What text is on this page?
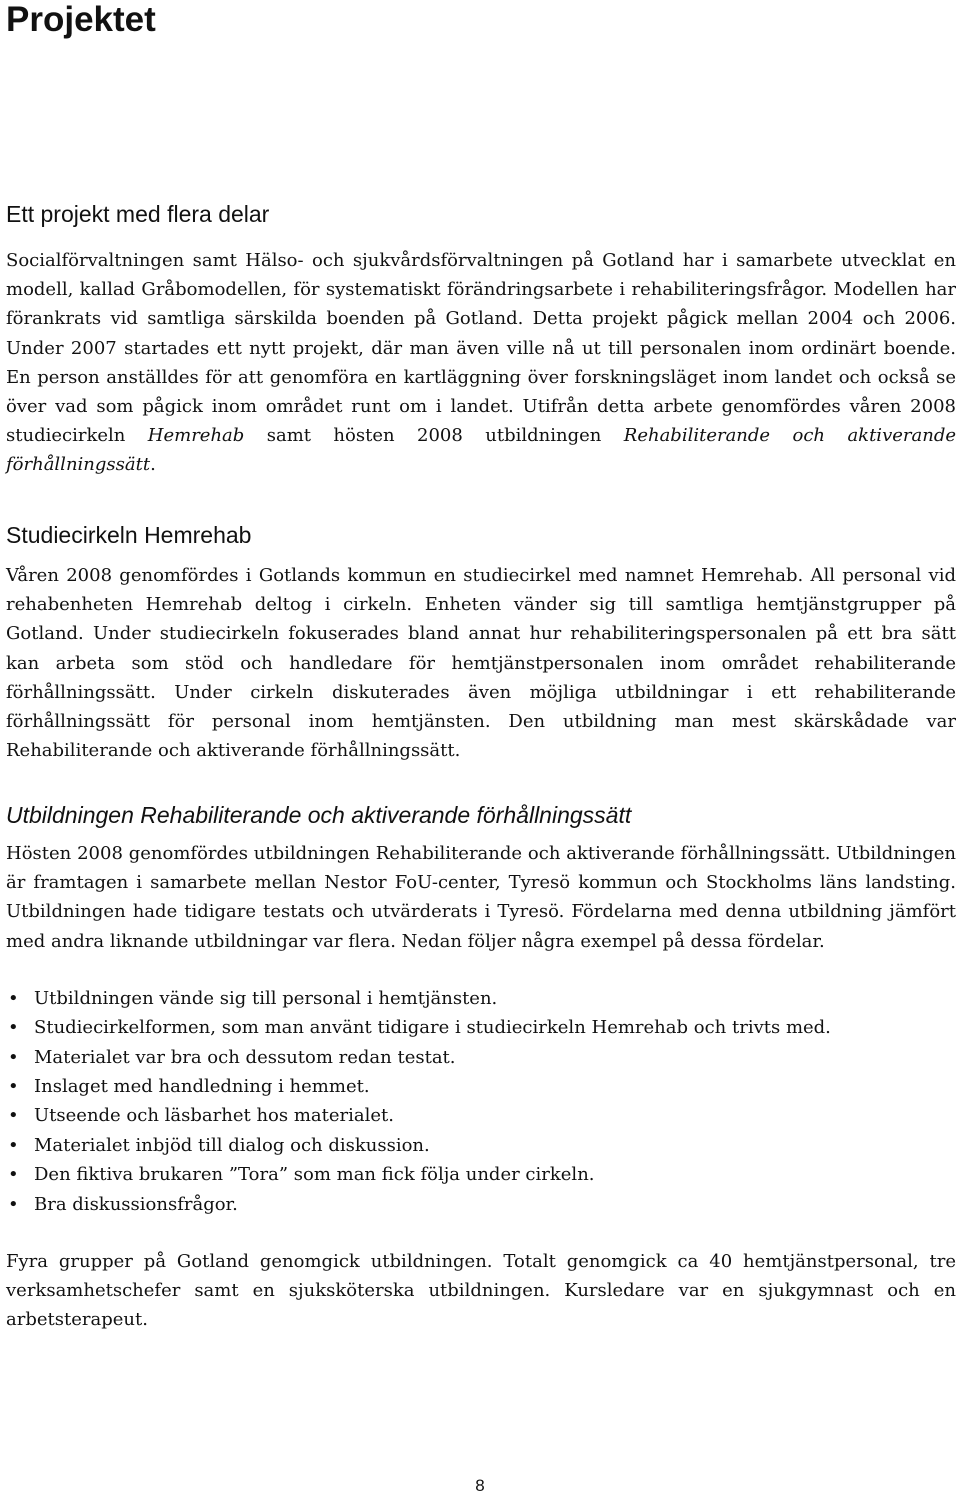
Projektet
Ett projekt med flera delar

Socialförvaltningen samt Hälso- och sjukvårdsförvaltningen på Gotland har i samarbete utvecklat en modell, kallad Gråbomodellen, för systematiskt förändringsarbete i rehabiliteringsfrågor. Modellen har förankrats vid samtliga särskilda boenden på Gotland. Detta projekt pågick mellan 2004 och 2006. Under 2007 startades ett nytt projekt, där man även ville nå ut till personalen inom ordinärt boende. En person anställdes för att genomföra en kartläggning över forskningsläget inom landet och också se över vad som pågick inom området runt om i landet. Utifrån detta arbete genomfördes våren 2008 studiecirkeln Hemrehab samt hösten 2008 utbildningen Rehabiliterande och aktiverande förhållningssätt.

Studiecirkeln Hemrehab

Våren 2008 genomfördes i Gotlands kommun en studiecirkel med namnet Hemrehab. All personal vid rehabenheten Hemrehab deltog i cirkeln. Enheten vänder sig till samtliga hemtjänstgrupper på Gotland. Under studiecirkeln fokuserades bland annat hur rehabiliteringspersonalen på ett bra sätt kan arbeta som stöd och handledare för hemtjänstpersonalen inom området rehabiliterande förhållningssätt. Under cirkeln diskuterades även möjliga utbildningar i ett rehabiliterande förhållningssätt för personal inom hemtjänsten. Den utbildning man mest skärskådade var Rehabiliterande och aktiverande förhållningssätt.

Utbildningen Rehabiliterande och aktiverande förhållningssätt

Hösten 2008 genomfördes utbildningen Rehabiliterande och aktiverande förhållningssätt. Utbildningen är framtagen i samarbete mellan Nestor FoU-center, Tyresö kommun och Stockholms läns landsting. Utbildningen hade tidigare testats och utvärderats i Tyresö. Fördelarna med denna utbildning jämfört med andra liknande utbildningar var flera. Nedan följer några exempel på dessa fördelar.

• Utbildningen vände sig till personal i hemtjänsten.
• Studiecirkelformen, som man använt tidigare i studiecirkeln Hemrehab och trivts med.
• Materialet var bra och dessutom redan testat.
• Inslaget med handledning i hemmet.
• Utseende och läsbarhet hos materialet.
• Materialet inbjöd till dialog och diskussion.
• Den fiktiva brukaren ”Tora” som man fick följa under cirkeln.
• Bra diskussionsfrågor.

Fyra grupper på Gotland genomgick utbildningen. Totalt genomgick ca 40 hemtjänstpersonal, tre verksamhetschefer samt en sjuksköterska utbildningen. Kursledare var en sjukgymnast och en arbetsterapeut.

8
